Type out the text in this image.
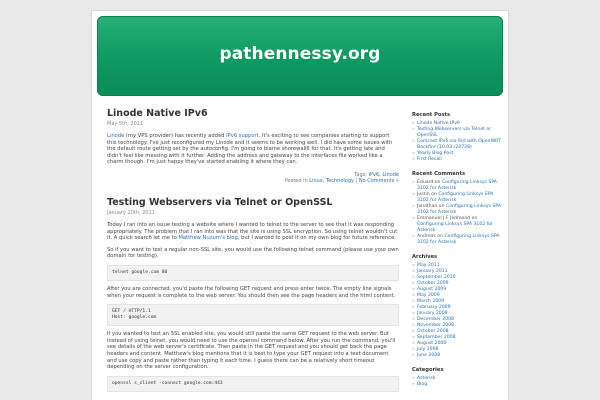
pathennessy.org
Linode Native IPv6
May 5th, 2011

Linode (my VPS provider) has recently added IPv6 support. It's exciting to see companies starting to support this technology. I've just reconfigured my Linode and it seems to be working well. I did have some issues with the default route getting set by the autoconfig. I'm going to blame shorewall6 for that. It's getting late and didn't feel like messing with it further. Adding the address and gateway to the interfaces file worked like a charm though. I'm just happy they've started enabling it where they can.

Tags: IPv6, Linode
Posted in Linux, Technology | No Comments »
Testing Webservers via Telnet or OpenSSL
January 20th, 2011

Today I ran into an issue testing a website where I wanted to telnet to the server to see that it was responding appropriately. The problem that I ran into was that the site is using SSL encryption. So using telnet wouldn't cut it. A quick search let me to Matthew Nuzum's blog, but I wanted to post it on my own blog for future reference.

So if you want to test a regular non-SSL site, you would use the following telnet command (please use your own domain for testing).

telnet google.com 80

After you are connected, you'd paste the following GET request and press enter twice. The empty line signals when your request is complete to the web server. You should then see the page headers and the html content.

GET / HTTP/1.1
Host: google.com

If you wanted to test an SSL enabled site, you would still paste the same GET request to the web server. But instead of using telnet, you would need to use the openssl command below. After you run the command, you'll see details of the web server's certificate. Then paste in the GET request and you should get back the page headers and content. Matthew's blog mentions that it is best to type your GET request into a text document and use copy and paste rather than typing it each time. I guess there can be a relatively short timeout depending on the server configuration.

openssl s_client -connect google.com:443
Recent Posts
» Linode Native IPv6
» Testing Webservers via Telnet or OpenSSL
» Comcast IPv6 via 6rd with OpenWRT Backfire (10.03 r20728)
» Yearly Blog Post
» First Recall
Recent Comments
» Eduard on Configuring Linksys SPA 3102 for Asterisk
» Justin on Configuring Linksys SPA 3102 for Asterisk
» Jonathan on Configuring Linksys SPA 3102 for Asterisk
» Emmanuel J F Jedmond on Configuring Linksys SPA 3102 for Asterisk
» Andreas on Configuring Linksys SPA 3102 for Asterisk
Archives
» May 2011
» January 2011
» September 2010
» October 2009
» August 2009
» May 2009
» March 2009
» February 2009
» January 2009
» December 2008
» November 2008
» October 2008
» September 2008
» August 2008
» July 2008
» June 2008
Categories
» Asterisk
» Blog
